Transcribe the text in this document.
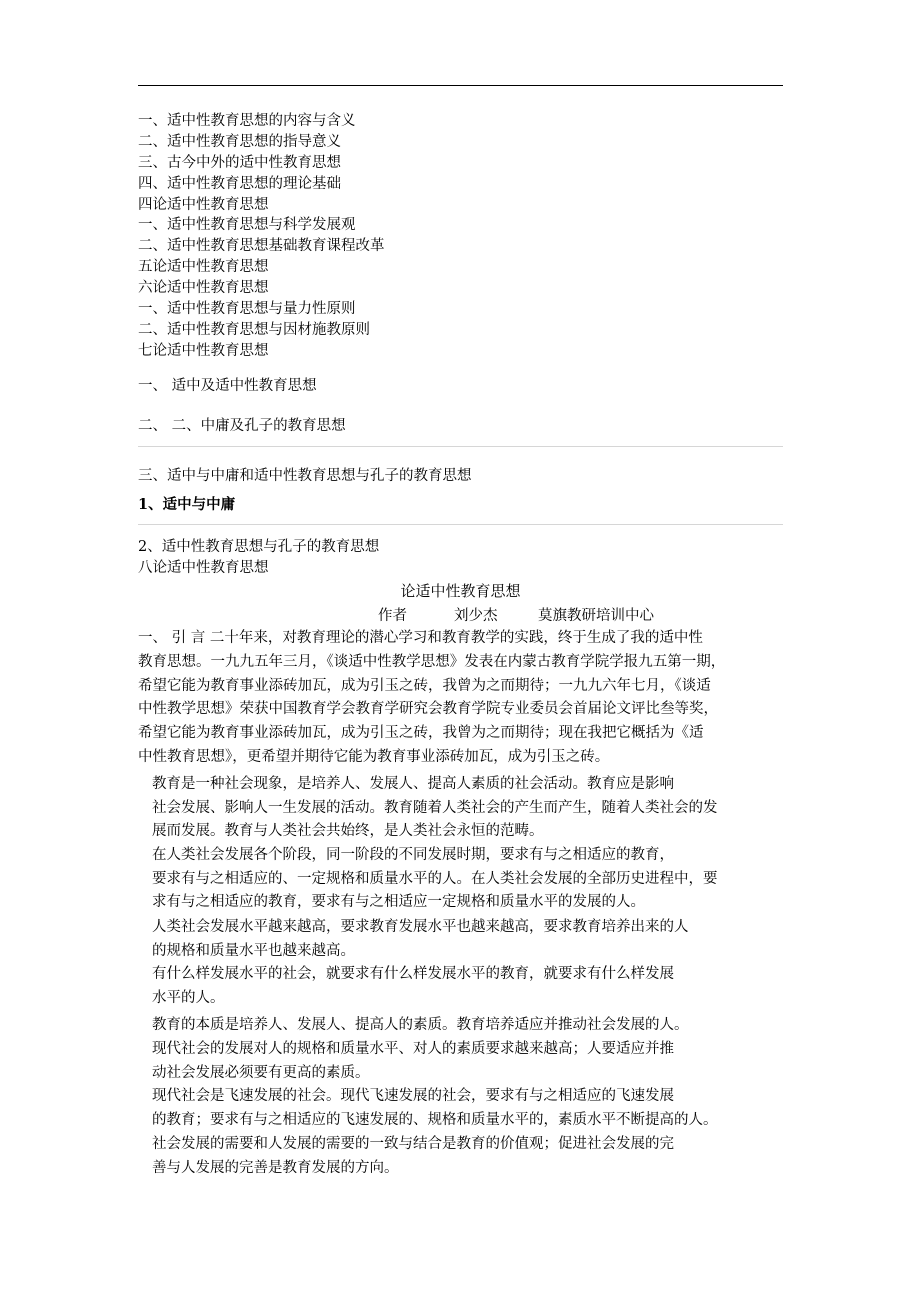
一、适中性教育思想的内容与含义
二、适中性教育思想的指导意义
三、古今中外的适中性教育思想
四、适中性教育思想的理论基础
四论适中性教育思想
一、适中性教育思想与科学发展观
二、适中性教育思想基础教育课程改革
五论适中性教育思想
六论适中性教育思想
一、适中性教育思想与量力性原则
二、适中性教育思想与因材施教原则
七论适中性教育思想
一、 适中及适中性教育思想
二、 二、中庸及孔子的教育思想
三、适中与中庸和适中性教育思想与孔子的教育思想
1、适中与中庸
2、适中性教育思想与孔子的教育思想
八论适中性教育思想
论适中性教育思想
作者	刘少杰	莫旗教研培训中心
一、 引 言 二十年来，对教育理论的潜心学习和教育教学的实践，终于生成了我的适中性
教育思想。一九九五年三月，《谈适中性教学思想》发表在内蒙古教育学院学报九五第一期，
希望它能为教育事业添砖加瓦，成为引玉之砖，我曾为之而期待；一九九六年七月，《谈适
中性教学思想》荣获中国教育学会教育学研究会教育学院专业委员会首届论文评比叁等奖，
希望它能为教育事业添砖加瓦，成为引玉之砖，我曾为之而期待；现在我把它概括为《适
中性教育思想》，更希望并期待它能为教育事业添砖加瓦，成为引玉之砖。
教育是一种社会现象，是培养人、发展人、提高人素质的社会活动。教育应是影响
社会发展、影响人一生发展的活动。教育随着人类社会的产生而产生，随着人类社会的发
展而发展。教育与人类社会共始终，是人类社会永恒的范畴。
在人类社会发展各个阶段，同一阶段的不同发展时期，要求有与之相适应的教育，
要求有与之相适应的、一定规格和质量水平的人。在人类社会发展的全部历史进程中，要
求有与之相适应的教育，要求有与之相适应一定规格和质量水平的发展的人。
人类社会发展水平越来越高，要求教育发展水平也越来越高，要求教育培养出来的人
的规格和质量水平也越来越高。
有什么样发展水平的社会，就要求有什么样发展水平的教育，就要求有什么样发展
水平的人。
教育的本质是培养人、发展人、提高人的素质。教育培养适应并推动社会发展的人。
现代社会的发展对人的规格和质量水平、对人的素质要求越来越高；人要适应并推
动社会发展必须要有更高的素质。
现代社会是飞速发展的社会。现代飞速发展的社会，要求有与之相适应的飞速发展
的教育；要求有与之相适应的飞速发展的、规格和质量水平的，素质水平不断提高的人。
社会发展的需要和人发展的需要的一致与结合是教育的价值观；促进社会发展的完
善与人发展的完善是教育发展的方向。
